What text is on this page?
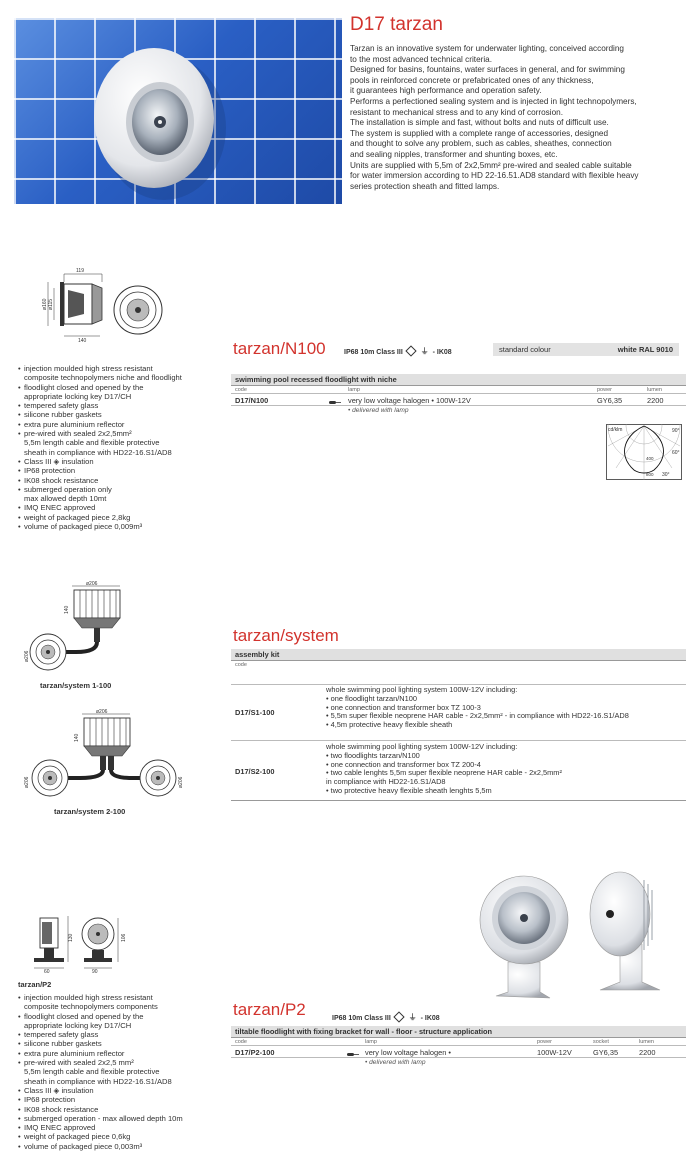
D17 tarzan

Tarzan is an innovative system for underwater lighting, conceived according

to the most advanced technical criteria.

Designed for basins, fountains, water surfaces in general, and for swimming

pools in reinforced concrete or prefabricated ones of any thickness,

it guarantees high performance and operation safety.

Performs a perfectioned sealing system and is injected in light technopolymers,

resistant to mechanical stress and to any kind of corrosion.

The installation is simple and fast, without bolts and nuts of difficult use.

The system is supplied with a complete range of accessories, designed

and thought to solve any problem, such as cables, sheathes, connection

and sealing nipples, transformer and shunting boxes, etc.

Units are supplied with 5,5m of 2x2,5mm² pre-wired and sealed cable suitable

for water immersion according to HD 22-16.51.AD8 standard with flexible heavy

series protection sheath and fitted lamps.

119
ø160 ø115
140	tarzan/N100	IP68 10m Class III ⏚ - IK08	standard colour	white RAL 9010
swimming pool recessed floodlight with niche
code	lamp	power	lumen
D17/N100	very low voltage halogen • 100W-12V	GY6,35	2200
• delivered with lamp
cd/klm	90°
60°
30°
400
800
• injection moulded high stress resistant
composite technopolymers niche and floodlight
• floodlight closed and opened by the
appropriate locking key D17/CH
• tempered safety glass
• silicone rubber gaskets
• extra pure aluminium reflector
• pre-wired with sealed 2x2,5mm²
5,5m length cable and flexible protective
sheath in compliance with HD22-16.S1/AD8
• Class III ◈ insulation
• IP68 protection
• IK08 shock resistance
• submerged operation only
max allowed depth 10mt
• IMQ ENEC approved
• weight of packaged piece 2,8kg
• volume of packaged piece 0,009m³
ø206
140
ø206
tarzan/system 1-100
ø206
140
ø206	ø206
tarzan/system 2-100
tarzan/system
assembly kit
code
D17/S1-100
whole swimming pool lighting system 100W-12V including:
• one floodlight tarzan/N100
• one connection and transformer box TZ 100-3
• 5,5m super flexible neoprene HAR cable - 2x2,5mm² - in compliance with HD22-16.S1/AD8
• 4,5m protective heavy flexible sheath
D17/S2-100
whole swimming pool lighting system 100W-12V including:
• two floodlights tarzan/N100
• one connection and transformer box TZ 200-4
• two cable lenghts 5,5m super flexible neoprene HAR cable - 2x2,5mm²
in compliance with HD22-16.S1/AD8
• two protective heavy flexible sheath lenghts 5,5m
130
60
106
90
tarzan/P2
tarzan/P2	IP68 10m Class III ⏚ - IK08
tiltable floodlight with fixing bracket for wall - floor - structure application
code	lamp	power	socket	lumen
D17/P2-100	very low voltage halogen •	100W-12V	GY6,35	2200
• delivered with lamp
• injection moulded high stress resistant
composite technopolymers components
• floodlight closed and opened by the
appropriate locking key D17/CH
• tempered safety glass
• silicone rubber gaskets
• extra pure aluminium reflector
• pre-wired with sealed 2x2,5 mm²
5,5m length cable and flexible protective
sheath in compliance with HD22-16.S1/AD8
• Class III ◈ insulation
• IP68 protection
• IK08 shock resistance
• submerged operation - max allowed depth 10m
• IMQ ENEC approved
• weight of packaged piece 0,6kg
• volume of packaged piece 0,003m³
